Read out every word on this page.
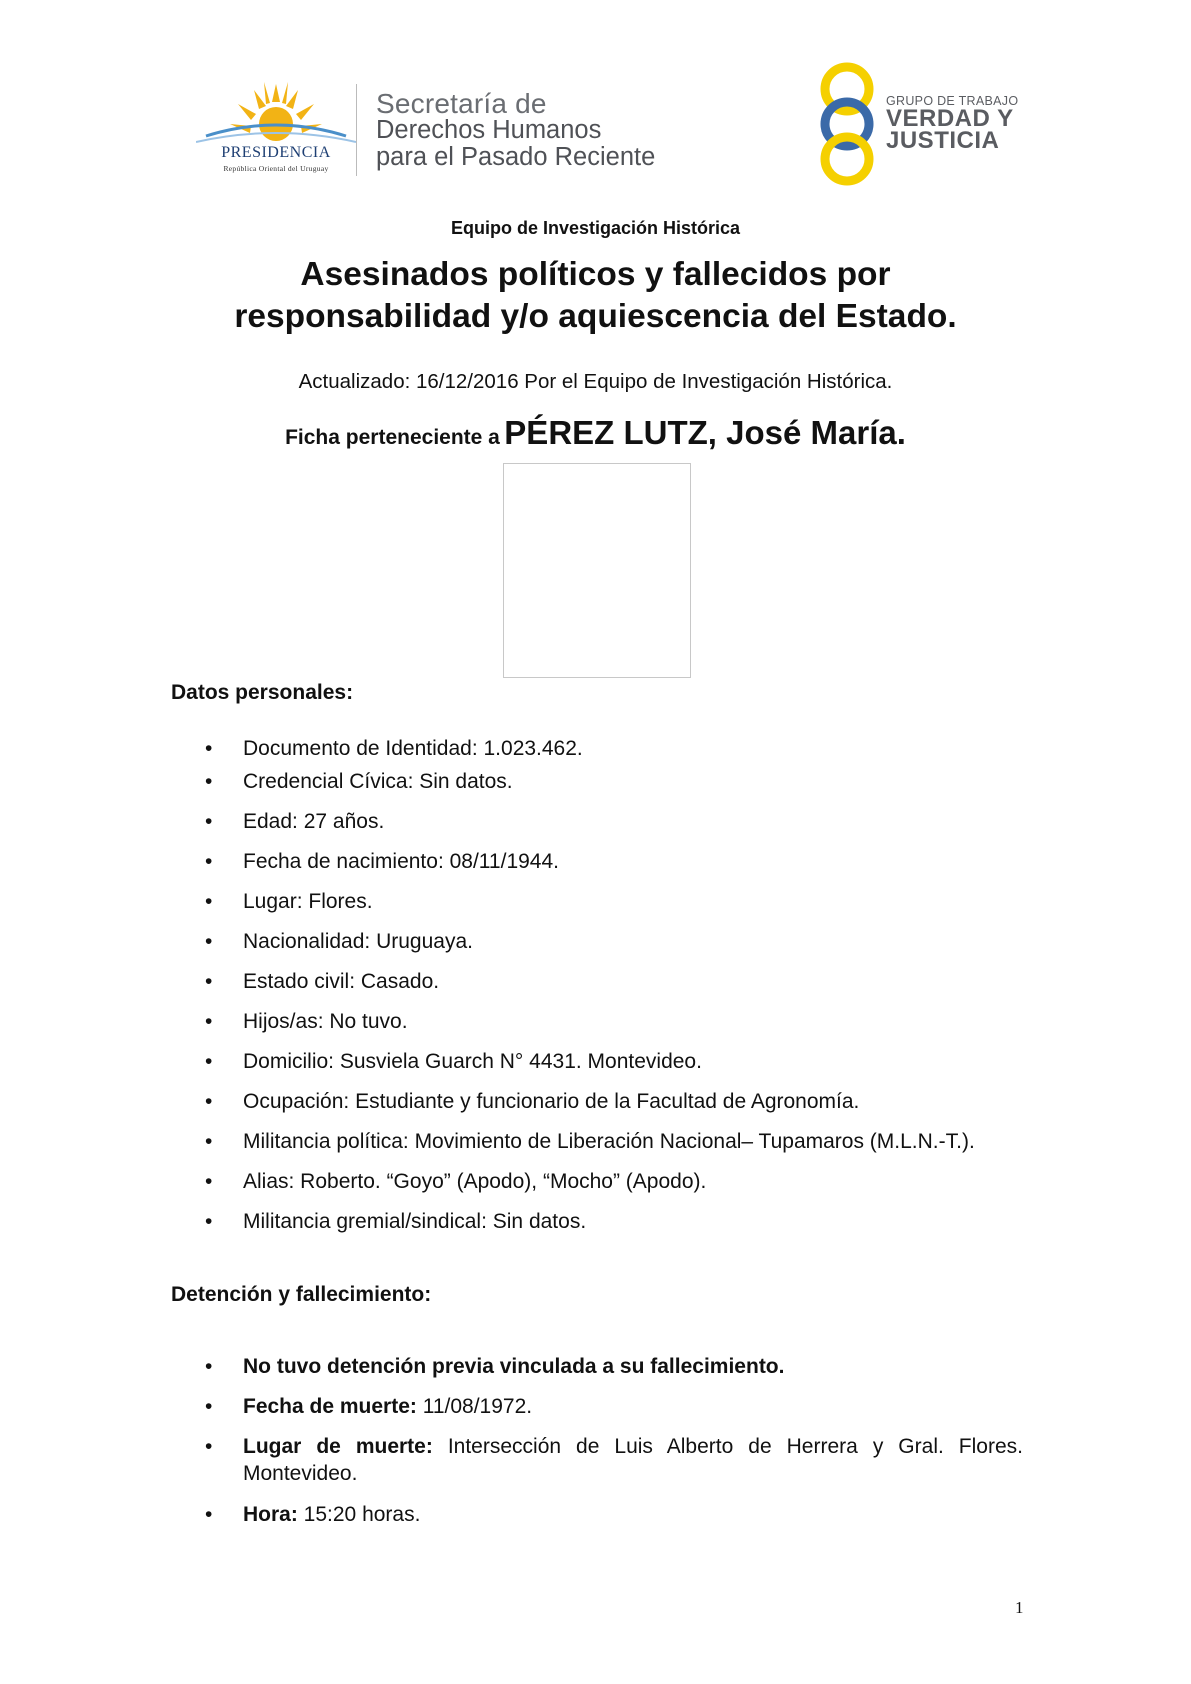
PRESIDENCIA
República Oriental del Uruguay
Secretaría de
Derechos Humanos
para el Pasado Reciente
GRUPO DE TRABAJO
VERDAD Y
JUSTICIA
Equipo de Investigación Histórica
Asesinados políticos y fallecidos por
responsabilidad y/o aquiescencia del Estado.
Actualizado: 16/12/2016 Por el Equipo de Investigación Histórica.
Ficha perteneciente a PÉREZ LUTZ, José María.
Datos personales:
• Documento de Identidad: 1.023.462.
• Credencial Cívica: Sin datos.
• Edad: 27 años.
• Fecha de nacimiento: 08/11/1944.
• Lugar: Flores.
• Nacionalidad: Uruguaya.
• Estado civil: Casado.
• Hijos/as: No tuvo.
• Domicilio: Susviela Guarch N° 4431. Montevideo.
• Ocupación: Estudiante y funcionario de la Facultad de Agronomía.
• Militancia política: Movimiento de Liberación Nacional– Tupamaros (M.L.N.-T.).
• Alias: Roberto. “Goyo” (Apodo), “Mocho” (Apodo).
• Militancia gremial/sindical: Sin datos.
Detención y fallecimiento:
• No tuvo detención previa vinculada a su fallecimiento.
• Fecha de muerte: 11/08/1972.
• Lugar de muerte: Intersección de Luis Alberto de Herrera y Gral. Flores. Montevideo.
• Hora: 15:20 horas.
1
